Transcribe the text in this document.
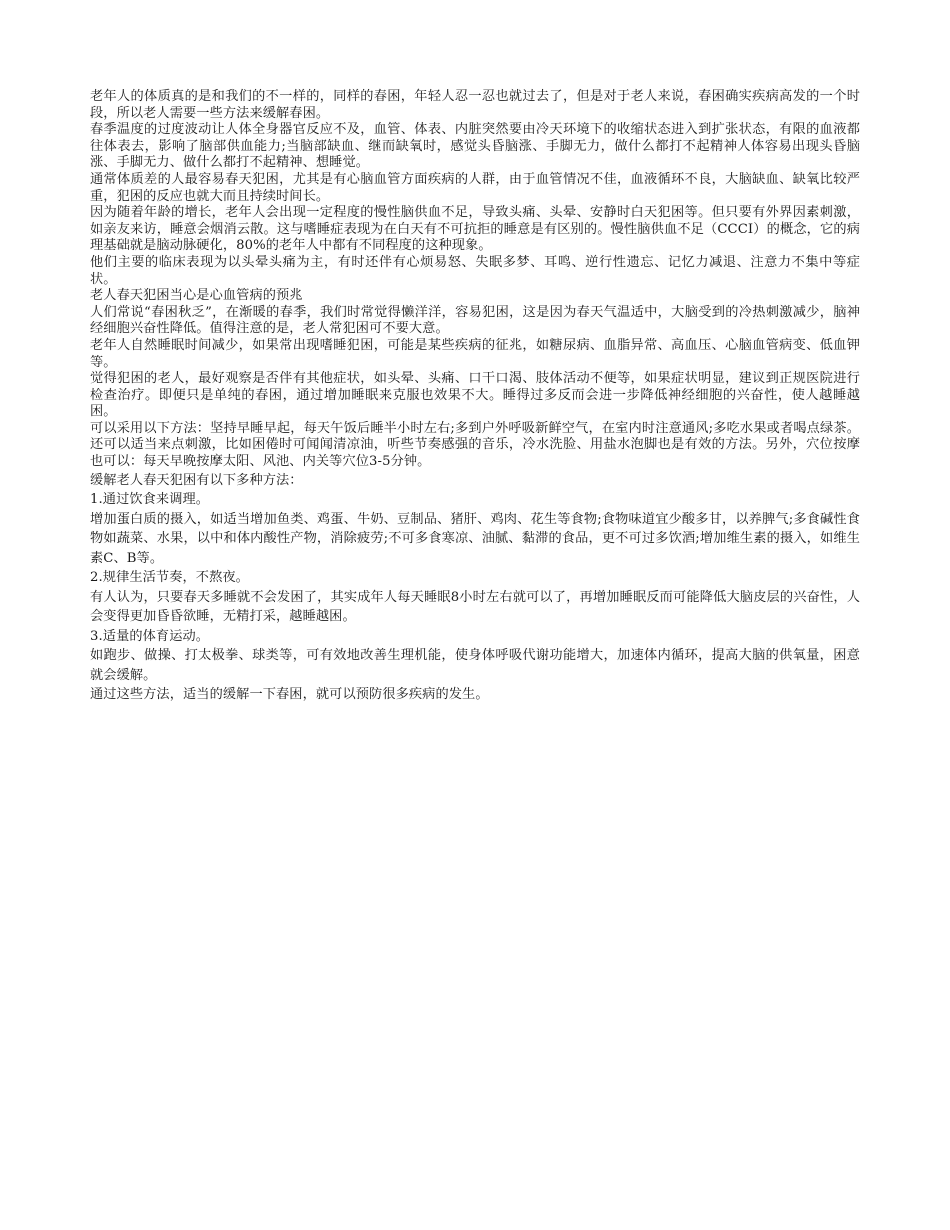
老年人的体质真的是和我们的不一样的，同样的春困，年轻人忍一忍也就过去了，但是对于老人来说，春困确实疾病高发的一个时段，所以老人需要一些方法来缓解春困。

春季温度的过度波动让人体全身器官反应不及，血管、体表、内脏突然要由冷天环境下的收缩状态进入到扩张状态，有限的血液都往体表去，影响了脑部供血能力;当脑部缺血、继而缺氧时，感觉头昏脑涨、手脚无力，做什么都打不起精神人体容易出现头昏脑涨、手脚无力、做什么都打不起精神、想睡觉。

通常体质差的人最容易春天犯困，尤其是有心脑血管方面疾病的人群，由于血管情况不佳，血液循环不良，大脑缺血、缺氧比较严重，犯困的反应也就大而且持续时间长。

因为随着年龄的增长，老年人会出现一定程度的慢性脑供血不足，导致头痛、头晕、安静时白天犯困等。但只要有外界因素刺激，如亲友来访，睡意会烟消云散。这与嗜睡症表现为在白天有不可抗拒的睡意是有区别的。慢性脑供血不足（CCCI）的概念，它的病理基础就是脑动脉硬化，80%的老年人中都有不同程度的这种现象。

他们主要的临床表现为以头晕头痛为主，有时还伴有心烦易怒、失眠多梦、耳鸣、逆行性遗忘、记忆力减退、注意力不集中等症状。

老人春天犯困当心是心血管病的预兆

人们常说“春困秋乏”，在渐暖的春季，我们时常觉得懒洋洋，容易犯困，这是因为春天气温适中，大脑受到的冷热刺激减少，脑神经细胞兴奋性降低。值得注意的是，老人常犯困可不要大意。

老年人自然睡眠时间减少，如果常出现嗜睡犯困，可能是某些疾病的征兆，如糖尿病、血脂异常、高血压、心脑血管病变、低血钾等。

觉得犯困的老人，最好观察是否伴有其他症状，如头晕、头痛、口干口渴、肢体活动不便等，如果症状明显，建议到正规医院进行检查治疗。即便只是单纯的春困，通过增加睡眠来克服也效果不大。睡得过多反而会进一步降低神经细胞的兴奋性，使人越睡越困。

可以采用以下方法：坚持早睡早起，每天午饭后睡半小时左右;多到户外呼吸新鲜空气，在室内时注意通风;多吃水果或者喝点绿茶。还可以适当来点刺激，比如困倦时可闻闻清凉油，听些节奏感强的音乐，冷水洗脸、用盐水泡脚也是有效的方法。另外，穴位按摩也可以：每天早晚按摩太阳、风池、内关等穴位3-5分钟。

缓解老人春天犯困有以下多种方法：

1.通过饮食来调理。

增加蛋白质的摄入，如适当增加鱼类、鸡蛋、牛奶、豆制品、猪肝、鸡肉、花生等食物;食物味道宜少酸多甘，以养脾气;多食碱性食物如蔬菜、水果，以中和体内酸性产物，消除疲劳;不可多食寒凉、油腻、黏滞的食品，更不可过多饮酒;增加维生素的摄入，如维生素C、B等。

2.规律生活节奏，不熬夜。

有人认为，只要春天多睡就不会发困了，其实成年人每天睡眠8小时左右就可以了，再增加睡眠反而可能降低大脑皮层的兴奋性，人会变得更加昏昏欲睡，无精打采，越睡越困。

3.适量的体育运动。

如跑步、做操、打太极拳、球类等，可有效地改善生理机能，使身体呼吸代谢功能增大，加速体内循环，提高大脑的供氧量，困意就会缓解。

通过这些方法，适当的缓解一下春困，就可以预防很多疾病的发生。
